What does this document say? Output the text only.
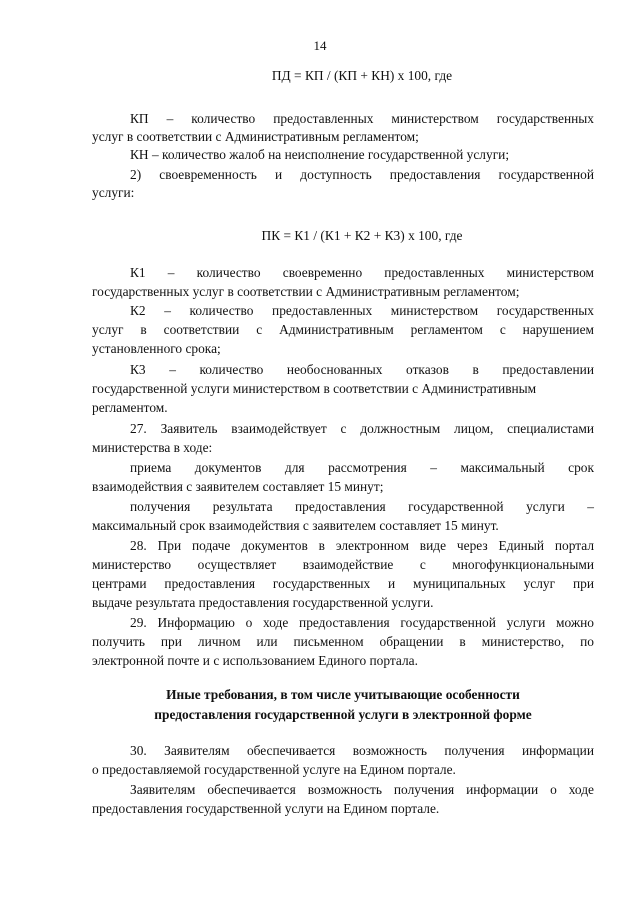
14
ПД = КП / (КП + КН) х 100, где
КП – количество предоставленных министерством государственных
услуг в соответствии с Административным регламентом;
КН – количество жалоб на неисполнение государственной услуги;
2) своевременность и доступность предоставления государственной
услуги:
ПК = К1 / (К1 + К2 + К3) х 100, где
К1 – количество своевременно предоставленных министерством
государственных услуг в соответствии с Административным регламентом;
К2 – количество предоставленных министерством государственных
услуг в соответствии с Административным регламентом с нарушением
установленного срока;
К3 – количество необоснованных отказов в предоставлении
государственной услуги министерством в соответствии с Административным
регламентом.
27. Заявитель взаимодействует с должностным лицом, специалистами
министерства в ходе:
приема документов для рассмотрения – максимальный срок
взаимодействия с заявителем составляет 15 минут;
получения результата предоставления государственной услуги –
максимальный срок взаимодействия с заявителем составляет 15 минут.
28. При подаче документов в электронном виде через Единый портал
министерство осуществляет взаимодействие с многофункциональными
центрами предоставления государственных и муниципальных услуг при
выдаче результата предоставления государственной услуги.
29. Информацию о ходе предоставления государственной услуги можно
получить при личном или письменном обращении в министерство, по
электронной почте и с использованием Единого портала.
Иные требования, в том числе учитывающие особенности
предоставления государственной услуги в электронной форме
30. Заявителям обеспечивается возможность получения информации
о предоставляемой государственной услуге на Едином портале.
Заявителям обеспечивается возможность получения информации о ходе
предоставления государственной услуги на Едином портале.
